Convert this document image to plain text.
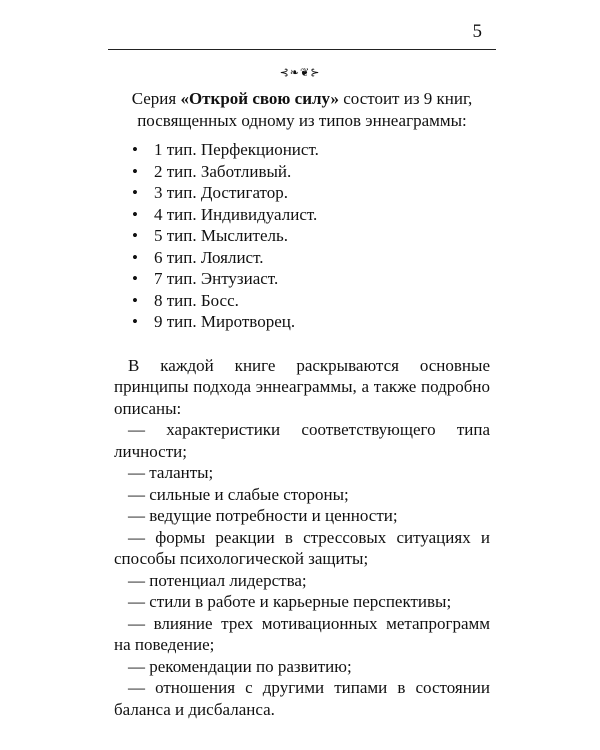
5
⊰❧❦⊱

Серия «Открой свою силу» состоит из 9 книг,
посвященных одному из типов эннеаграммы:

• 1 тип. Перфекционист.
• 2 тип. Заботливый.
• 3 тип. Достигатор.
• 4 тип. Индивидуалист.
• 5 тип. Мыслитель.
• 6 тип. Лоялист.
• 7 тип. Энтузиаст.
• 8 тип. Босс.
• 9 тип. Миротворец.

В каждой книге раскрываются основные принципы подхода эннеаграммы, а также подробно описаны:

— характеристики соответствующего типа личности;
— таланты;
— сильные и слабые стороны;
— ведущие потребности и ценности;
— формы реакции в стрессовых ситуациях и способы психологической защиты;
— потенциал лидерства;
— стили в работе и карьерные перспективы;
— влияние трех мотивационных метапрограмм на поведение;
— рекомендации по развитию;
— отношения с другими типами в состоянии баланса и дисбаланса.
